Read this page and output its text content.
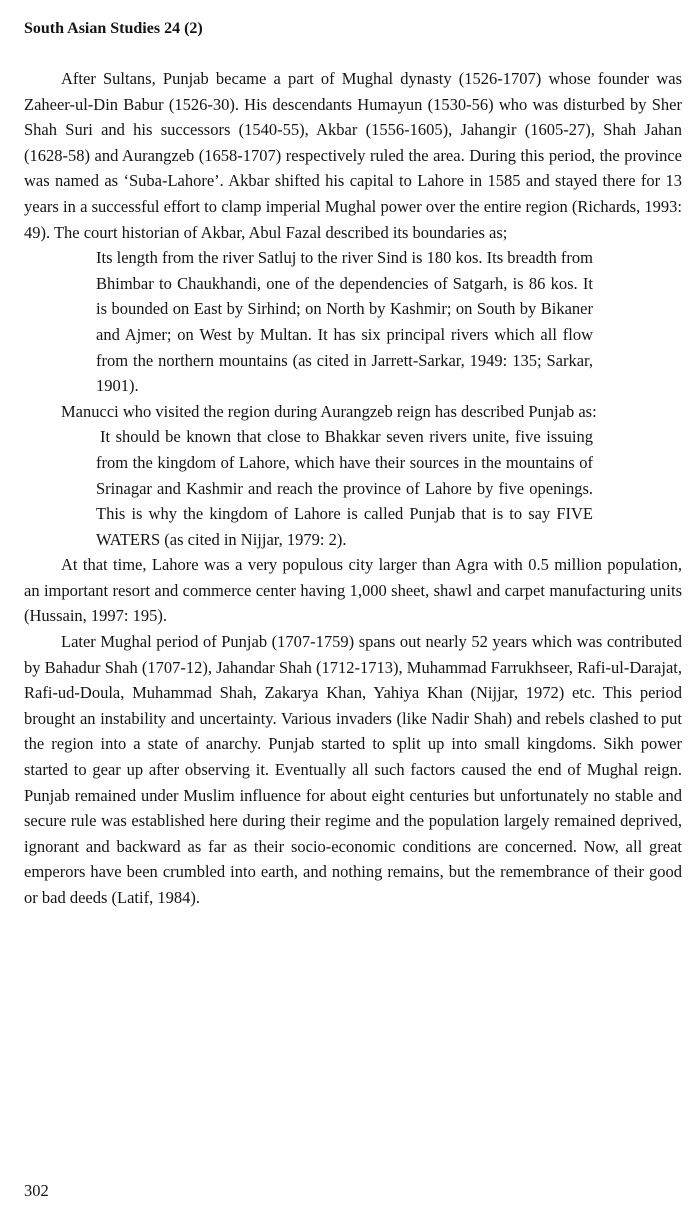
South Asian Studies 24 (2)

After Sultans, Punjab became a part of Mughal dynasty (1526-1707) whose founder was Zaheer-ul-Din Babur (1526-30). His descendants Humayun (1530-56) who was disturbed by Sher Shah Suri and his successors (1540-55), Akbar (1556-1605), Jahangir (1605-27), Shah Jahan (1628-58) and Aurangzeb (1658-1707) respectively ruled the area. During this period, the province was named as ‘Suba-Lahore’. Akbar shifted his capital to Lahore in 1585 and stayed there for 13 years in a successful effort to clamp imperial Mughal power over the entire region (Richards, 1993: 49). The court historian of Akbar, Abul Fazal described its boundaries as;

Its length from the river Satluj to the river Sind is 180 kos. Its breadth from Bhimbar to Chaukhandi, one of the dependencies of Satgarh, is 86 kos. It is bounded on East by Sirhind; on North by Kashmir; on South by Bikaner and Ajmer; on West by Multan. It has six principal rivers which all flow from the northern mountains (as cited in Jarrett-Sarkar, 1949: 135; Sarkar, 1901).

Manucci who visited the region during Aurangzeb reign has described Punjab as:

It should be known that close to Bhakkar seven rivers unite, five issuing from the kingdom of Lahore, which have their sources in the mountains of Srinagar and Kashmir and reach the province of Lahore by five openings. This is why the kingdom of Lahore is called Punjab that is to say FIVE WATERS (as cited in Nijjar, 1979: 2).

At that time, Lahore was a very populous city larger than Agra with 0.5 million population, an important resort and commerce center having 1,000 sheet, shawl and carpet manufacturing units (Hussain, 1997: 195).

Later Mughal period of Punjab (1707-1759) spans out nearly 52 years which was contributed by Bahadur Shah (1707-12), Jahandar Shah (1712-1713), Muhammad Farrukhseer, Rafi-ul-Darajat, Rafi-ud-Doula, Muhammad Shah, Zakarya Khan, Yahiya Khan (Nijjar, 1972) etc. This period brought an instability and uncertainty. Various invaders (like Nadir Shah) and rebels clashed to put the region into a state of anarchy. Punjab started to split up into small kingdoms. Sikh power started to gear up after observing it. Eventually all such factors caused the end of Mughal reign. Punjab remained under Muslim influence for about eight centuries but unfortunately no stable and secure rule was established here during their regime and the population largely remained deprived, ignorant and backward as far as their socio-economic conditions are concerned. Now, all great emperors have been crumbled into earth, and nothing remains, but the remembrance of their good or bad deeds (Latif, 1984).

302
